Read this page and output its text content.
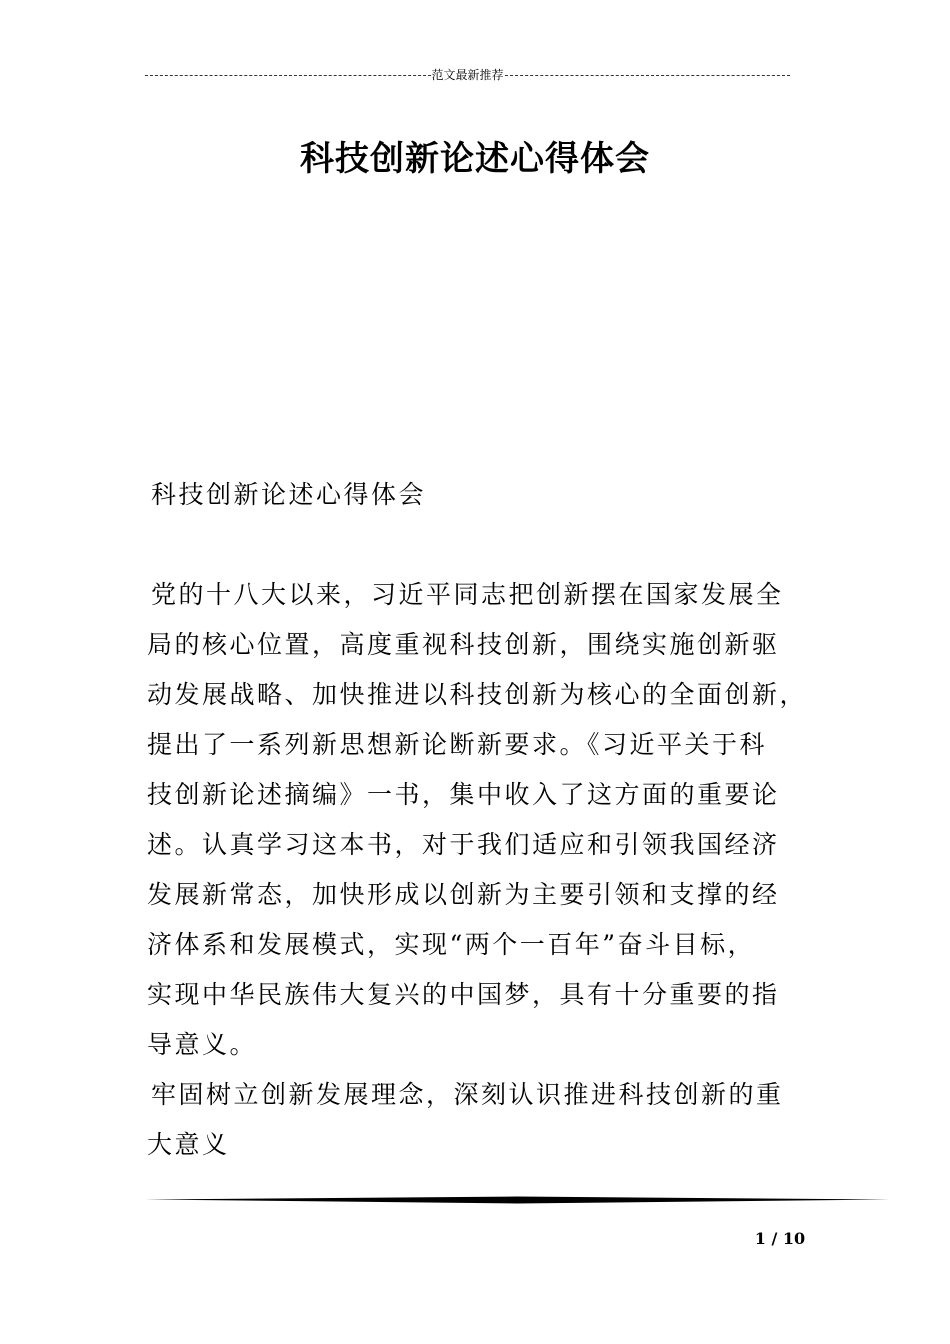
范文最新推荐
科技创新论述心得体会

科技创新论述心得体会

党的十八大以来，习近平同志把创新摆在国家发展全

局的核心位置，高度重视科技创新，围绕实施创新驱

动发展战略、加快推进以科技创新为核心的全面创新，

提出了一系列新思想新论断新要求。《习近平关于科

技创新论述摘编》一书，集中收入了这方面的重要论

述。认真学习这本书，对于我们适应和引领我国经济

发展新常态，加快形成以创新为主要引领和支撑的经

济体系和发展模式，实现“两个一百年”奋斗目标，

实现中华民族伟大复兴的中国梦，具有十分重要的指

导意义。

牢固树立创新发展理念，深刻认识推进科技创新的重

大意义

1 / 10
